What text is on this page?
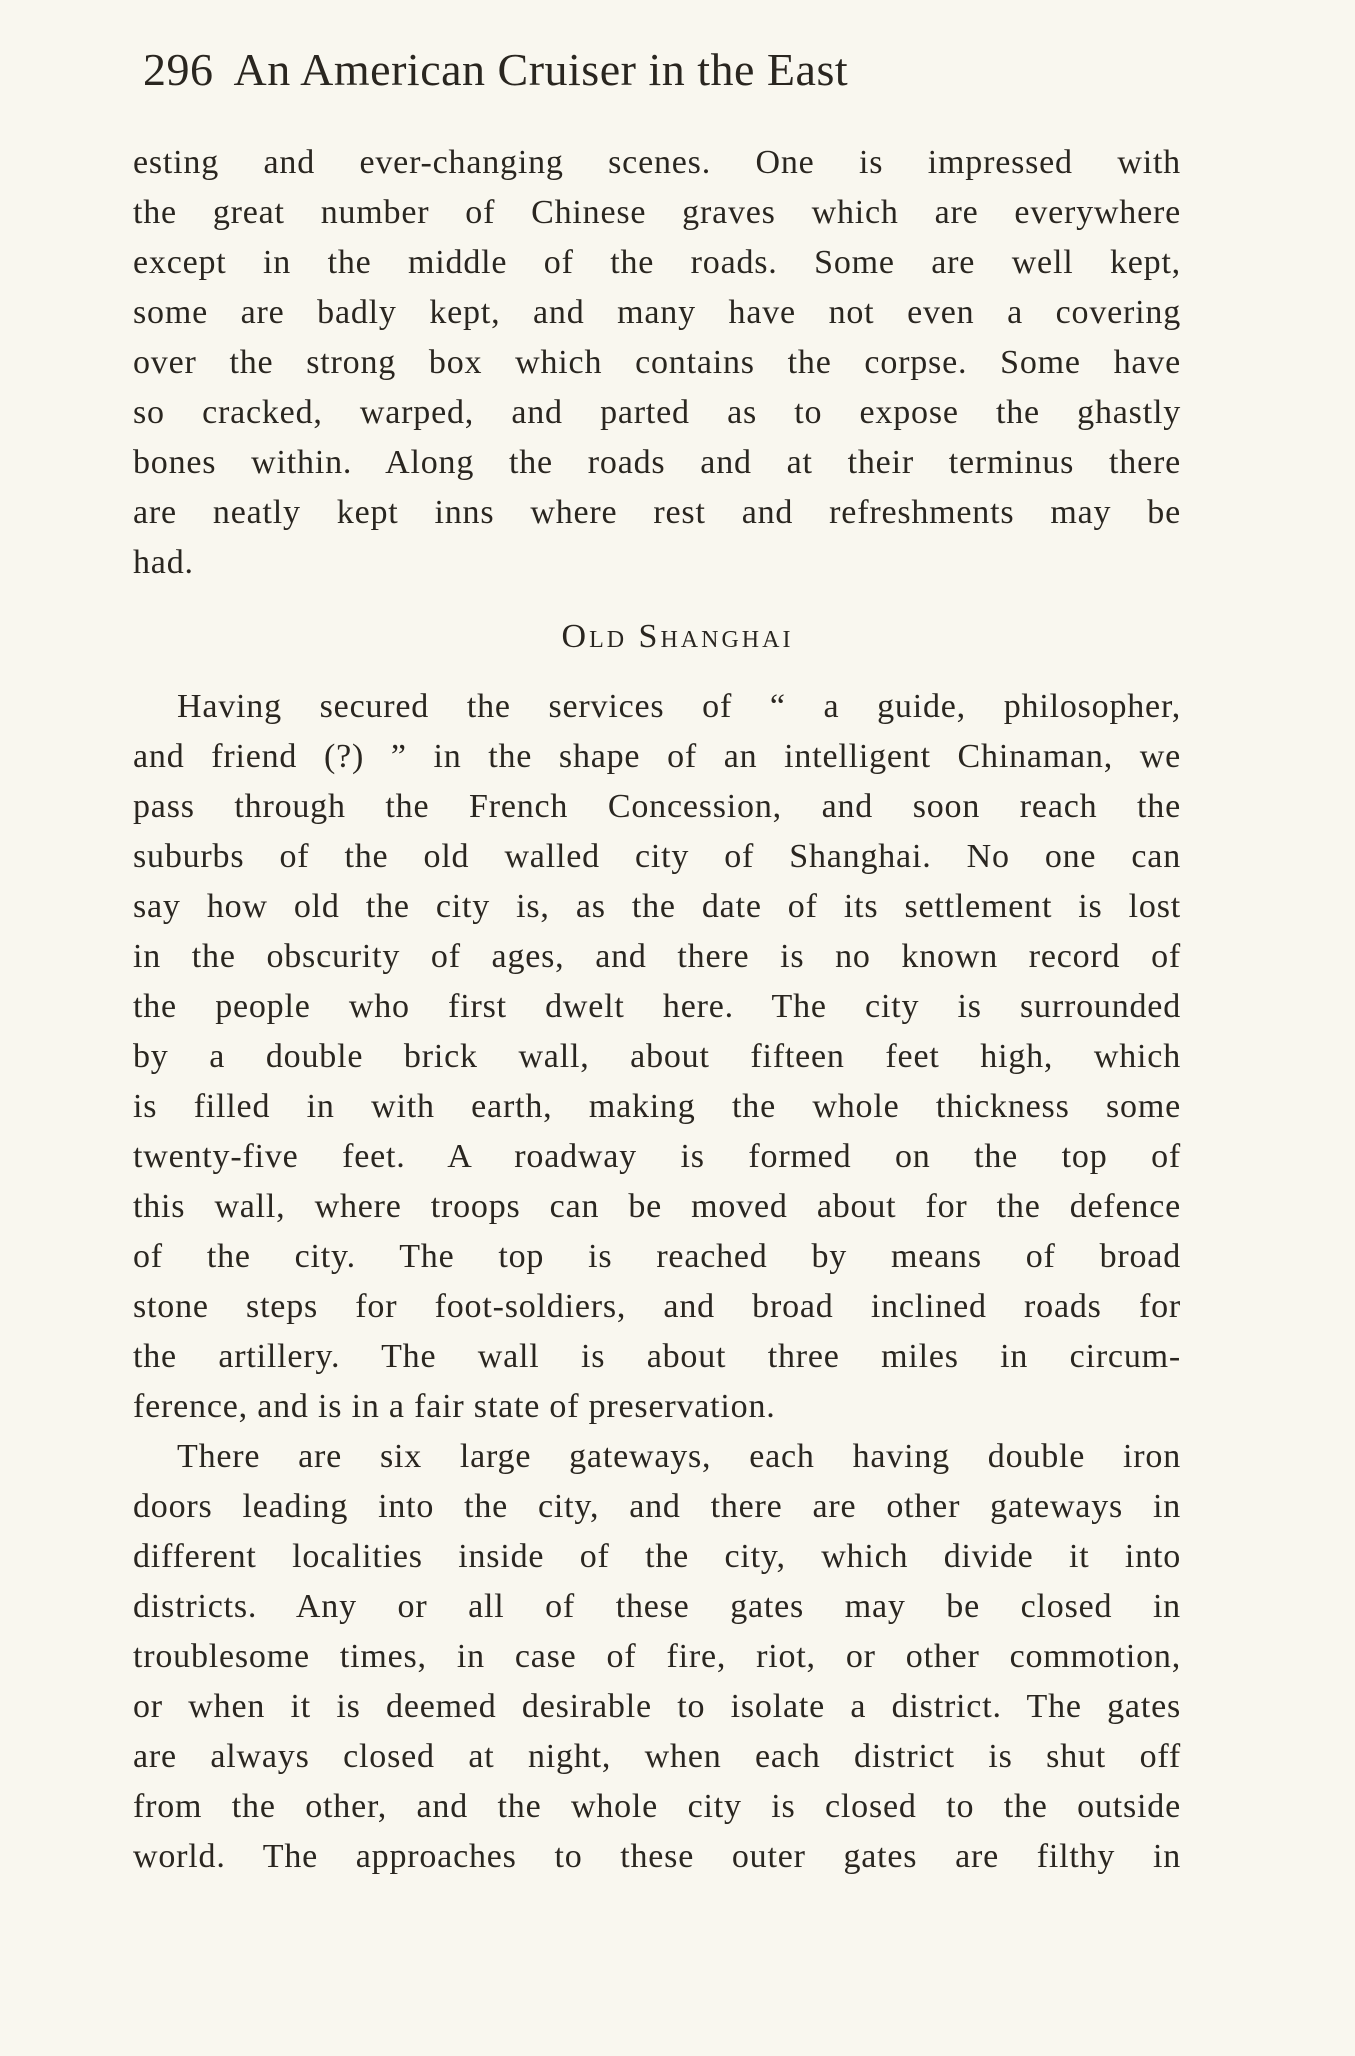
296 An American Cruiser in the East
esting and ever-changing scenes. One is impressed with
the great number of Chinese graves which are everywhere
except in the middle of the roads. Some are well kept,
some are badly kept, and many have not even a covering
over the strong box which contains the corpse. Some have
so cracked, warped, and parted as to expose the ghastly
bones within. Along the roads and at their terminus there
are neatly kept inns where rest and refreshments may be
had.
Old Shanghai
Having secured the services of “ a guide, philosopher,
and friend (?) ” in the shape of an intelligent Chinaman, we
pass through the French Concession, and soon reach the
suburbs of the old walled city of Shanghai. No one can
say how old the city is, as the date of its settlement is lost
in the obscurity of ages, and there is no known record of
the people who first dwelt here. The city is surrounded
by a double brick wall, about fifteen feet high, which
is filled in with earth, making the whole thickness some
twenty-five feet. A roadway is formed on the top of
this wall, where troops can be moved about for the defence
of the city. The top is reached by means of broad
stone steps for foot-soldiers, and broad inclined roads for
the artillery. The wall is about three miles in circum-
ference, and is in a fair state of preservation.
There are six large gateways, each having double iron
doors leading into the city, and there are other gateways in
different localities inside of the city, which divide it into
districts. Any or all of these gates may be closed in
troublesome times, in case of fire, riot, or other commotion,
or when it is deemed desirable to isolate a district. The gates
are always closed at night, when each district is shut off
from the other, and the whole city is closed to the outside
world. The approaches to these outer gates are filthy in
